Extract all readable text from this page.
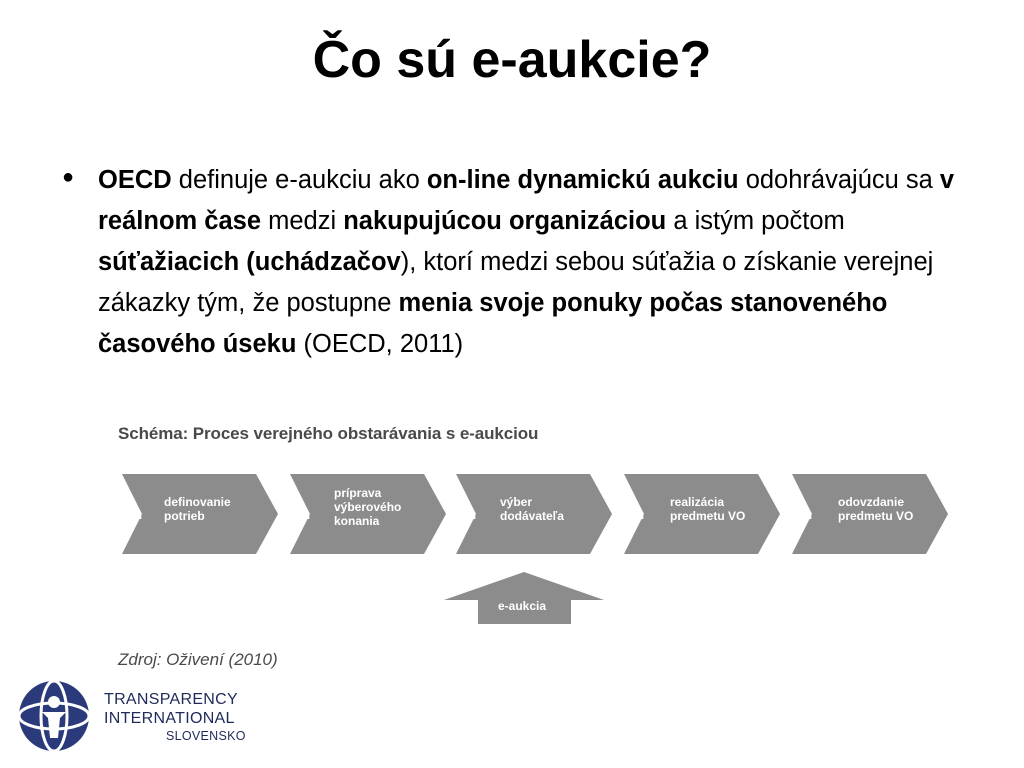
Čo sú e-aukcie?
● OECD definuje e-aukciu ako on-line dynamickú aukciu odohrávajúcu sa v reálnom čase medzi nakupujúcou organizáciou a istým počtom súťažiacich (uchádzačov), ktorí medzi sebou súťažia o získanie verejnej zákazky tým, že postupne menia svoje ponuky počas stanoveného časového úseku (OECD, 2011)

Schéma: Proces verejného obstarávania s e-aukciou
1. definovanie
potrieb	2.
príprava
výberového
konania	3. výber
dodávateľa	4. realizácia
predmetu VO	5. odovzdanie
predmetu VO
e-aukcia
Zdroj: Oživení (2010)
TRANSPARENCY
INTERNATIONAL
SLOVENSKO
